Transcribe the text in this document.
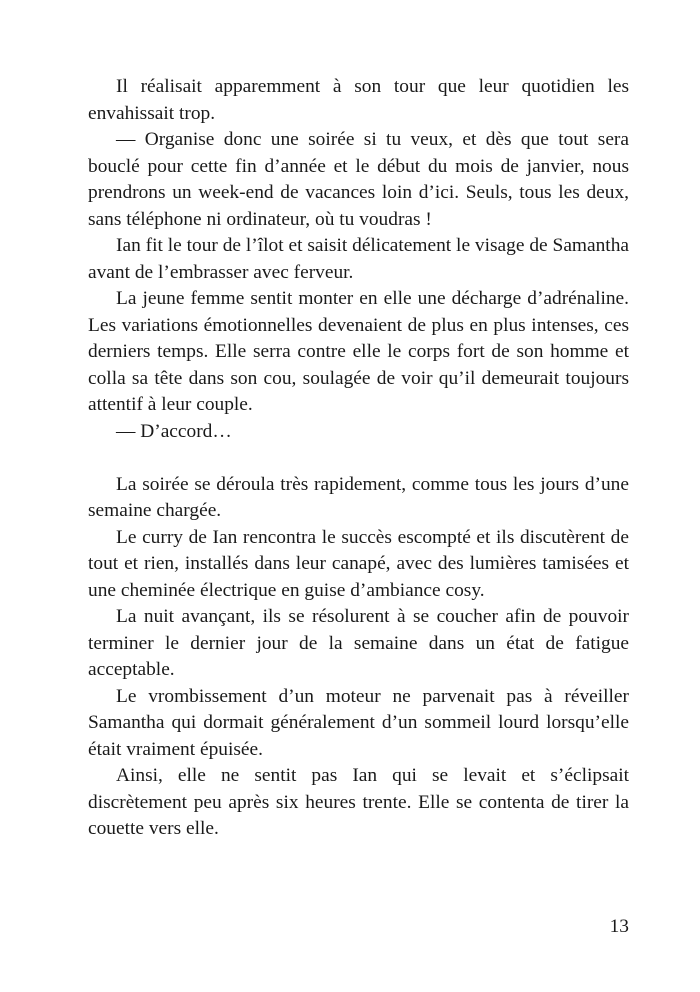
Il réalisait apparemment à son tour que leur quotidien les envahissait trop.

— Organise donc une soirée si tu veux, et dès que tout sera bouclé pour cette fin d’année et le début du mois de janvier, nous prendrons un week-end de vacances loin d’ici. Seuls, tous les deux, sans téléphone ni ordinateur, où tu voudras !

Ian fit le tour de l’îlot et saisit délicatement le visage de Samantha avant de l’embrasser avec ferveur.

La jeune femme sentit monter en elle une décharge d’adrénaline. Les variations émotionnelles devenaient de plus en plus intenses, ces derniers temps. Elle serra contre elle le corps fort de son homme et colla sa tête dans son cou, soulagée de voir qu’il demeurait toujours attentif à leur couple.

— D’accord…

La soirée se déroula très rapidement, comme tous les jours d’une semaine chargée.

Le curry de Ian rencontra le succès escompté et ils discutèrent de tout et rien, installés dans leur canapé, avec des lumières tamisées et une cheminée électrique en guise d’ambiance cosy.

La nuit avançant, ils se résolurent à se coucher afin de pouvoir terminer le dernier jour de la semaine dans un état de fatigue acceptable.

Le vrombissement d’un moteur ne parvenait pas à réveiller Samantha qui dormait généralement d’un sommeil lourd lorsqu’elle était vraiment épuisée.

Ainsi, elle ne sentit pas Ian qui se levait et s’éclipsait discrètement peu après six heures trente. Elle se contenta de tirer la couette vers elle.

13
